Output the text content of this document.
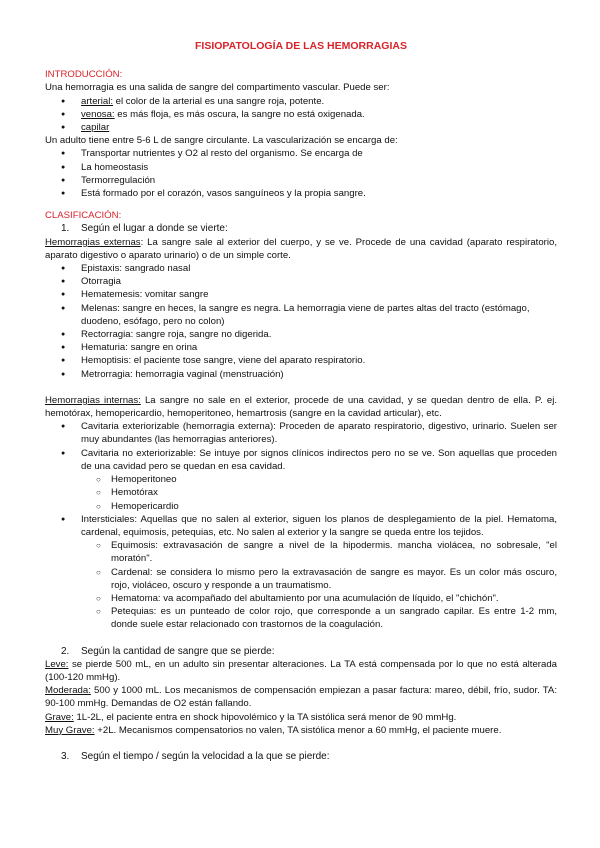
FISIOPATOLOGÍA DE LAS HEMORRAGIAS

INTRODUCCIÓN:

Una hemorragia es una salida de sangre del compartimento vascular. Puede ser:

● arterial: el color de la arterial es una sangre roja, potente.
● venosa: es más floja, es más oscura, la sangre no está oxigenada.
● capilar

Un adulto tiene entre 5-6 L de sangre circulante. La vascularización se encarga de:

● Transportar nutrientes y O2 al resto del organismo. Se encarga de
● La homeostasis
● Termorregulación
● Está formado por el corazón, vasos sanguíneos y la propia sangre.

CLASIFICACIÓN:

1. Según el lugar a donde se vierte:

Hemorragias externas: La sangre sale al exterior del cuerpo, y se ve. Procede de una cavidad (aparato respiratorio, aparato digestivo o aparato urinario) o de un simple corte.

● Epistaxis: sangrado nasal
● Otorragia
● Hematemesis: vomitar sangre
● Melenas: sangre en heces, la sangre es negra. La hemorragia viene de partes altas del tracto (estómago, duodeno, esófago, pero no colon)
● Rectorragia: sangre roja, sangre no digerida.
● Hematuria: sangre en orina
● Hemoptisis: el paciente tose sangre, viene del aparato respiratorio.
● Metrorragia: hemorragia vaginal (menstruación)

Hemorragias internas: La sangre no sale en el exterior, procede de una cavidad, y se quedan dentro de ella. P. ej. hemotórax, hemopericardio, hemoperitoneo, hemartrosis (sangre en la cavidad articular), etc.

● Cavitaria exteriorizable (hemorragia externa): Proceden de aparato respiratorio, digestivo, urinario. Suelen ser muy abundantes (las hemorragias anteriores).
● Cavitaria no exteriorizable: Se intuye por signos clínicos indirectos pero no se ve. Son aquellas que proceden de una cavidad pero se quedan en esa cavidad.
○ Hemoperitoneo
○ Hemotórax
○ Hemopericardio
● Intersticiales: Aquellas que no salen al exterior, siguen los planos de desplegamiento de la piel. Hematoma, cardenal, equimosis, petequias, etc. No salen al exterior y la sangre se queda entre los tejidos.
○ Equimosis: extravasación de sangre a nivel de la hipodermis. mancha violácea, no sobresale, "el moratón".
○ Cardenal: se considera lo mismo pero la extravasación de sangre es mayor. Es un color más oscuro, rojo, violáceo, oscuro y responde a un traumatismo.
○ Hematoma: va acompañado del abultamiento por una acumulación de líquido, el "chichón".
○ Petequias: es un punteado de color rojo, que corresponde a un sangrado capilar. Es entre 1-2 mm, donde suele estar relacionado con trastornos de la coagulación.

2. Según la cantidad de sangre que se pierde:

Leve: se pierde 500 mL, en un adulto sin presentar alteraciones. La TA está compensada por lo que no está alterada (100-120 mmHg).

Moderada: 500 y 1000 mL. Los mecanismos de compensación empiezan a pasar factura: mareo, débil, frío, sudor. TA: 90-100 mmHg. Demandas de O2 están fallando.

Grave: 1L-2L, el paciente entra en shock hipovolémico y la TA sistólica será menor de 90 mmHg.

Muy Grave: +2L. Mecanismos compensatorios no valen, TA sistólica menor a 60 mmHg, el paciente muere.

3. Según el tiempo / según la velocidad a la que se pierde:
